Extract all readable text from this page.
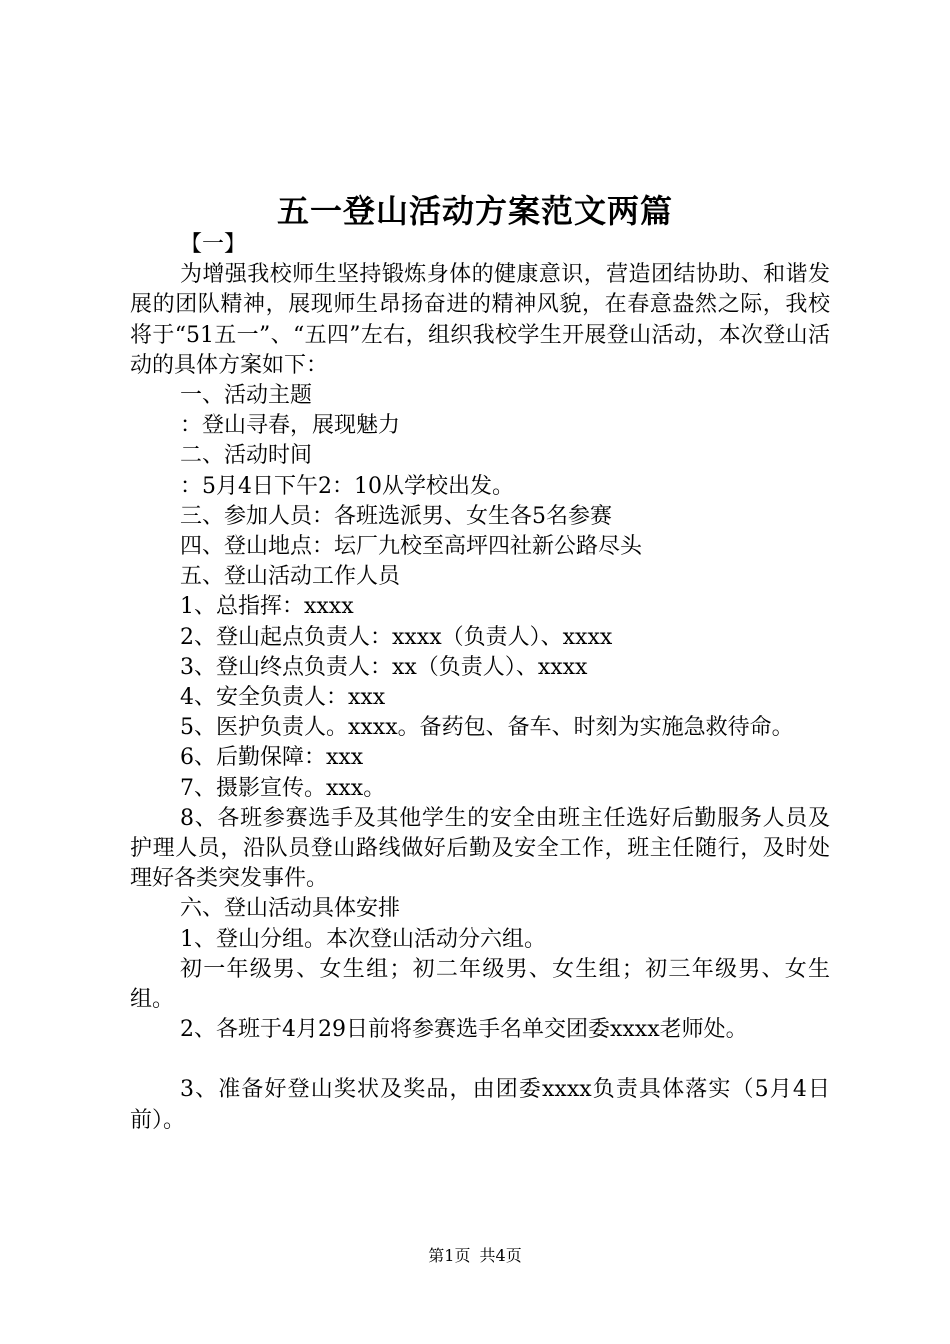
五一登山活动方案范文两篇

【一】

为增强我校师生坚持锻炼身体的健康意识，营造团结协助、和谐发展的团队精神，展现师生昂扬奋进的精神风貌，在春意盎然之际，我校将于“51五一”、“五四”左右，组织我校学生开展登山活动，本次登山活动的具体方案如下：

一、活动主题

：登山寻春，展现魅力

二、活动时间

：5月4日下午2：10从学校出发。

三、参加人员：各班选派男、女生各5名参赛

四、登山地点：坛厂九校至高坪四社新公路尽头

五、登山活动工作人员

1、总指挥：xxxx

2、登山起点负责人：xxxx（负责人）、xxxx

3、登山终点负责人：xx（负责人）、xxxx

4、安全负责人：xxx

5、医护负责人。xxxx。备药包、备车、时刻为实施急救待命。

6、后勤保障：xxx

7、摄影宣传。xxx。

8、各班参赛选手及其他学生的安全由班主任选好后勤服务人员及护理人员，沿队员登山路线做好后勤及安全工作，班主任随行，及时处理好各类突发事件。

六、登山活动具体安排

1、登山分组。本次登山活动分六组。

初一年级男、女生组；初二年级男、女生组；初三年级男、女生组。

2、各班于4月29日前将参赛选手名单交团委xxxx老师处。

3、准备好登山奖状及奖品，由团委xxxx负责具体落实（5月4日前）。

第1页 共4页
